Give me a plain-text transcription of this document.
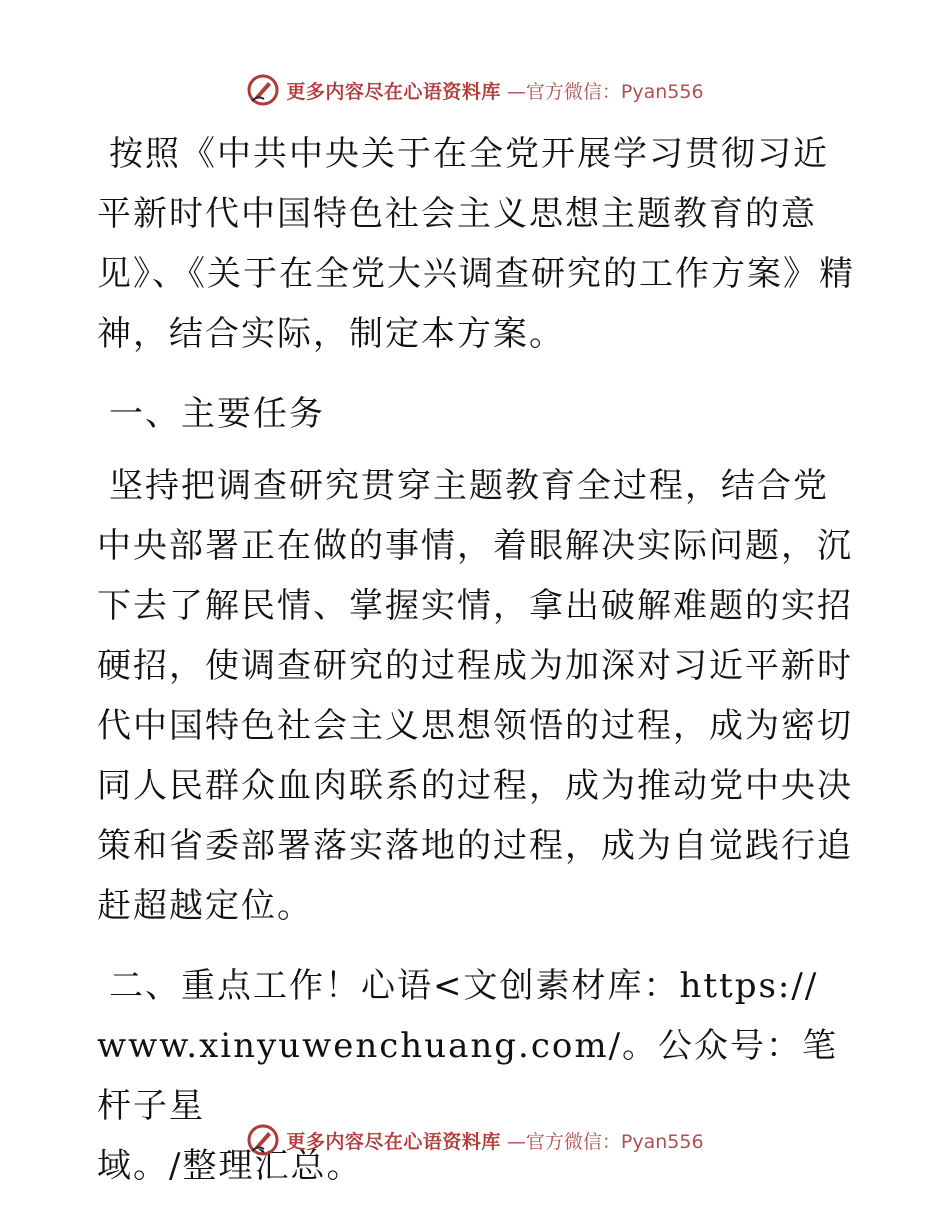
更多内容尽在心语资料库 —官方微信：Pyan556

按照《中共中央关于在全党开展学习贯彻习近平新时代中国特色社会主义思想主题教育的意见》、《关于在全党大兴调查研究的工作方案》精神，结合实际，制定本方案。

一、主要任务

坚持把调查研究贯穿主题教育全过程，结合党中央部署正在做的事情，着眼解决实际问题，沉下去了解民情、掌握实情，拿出破解难题的实招硬招，使调查研究的过程成为加深对习近平新时代中国特色社会主义思想领悟的过程，成为密切同人民群众血肉联系的过程，成为推动党中央决策和省委部署落实落地的过程，成为自觉践行追赶超越定位。

二、重点工作！心语<文创素材库：https://

www.xinyuwenchuang.com/。公众号：笔杆子星

域。/整理汇总。

更多内容尽在心语资料库 —官方微信：Pyan556
